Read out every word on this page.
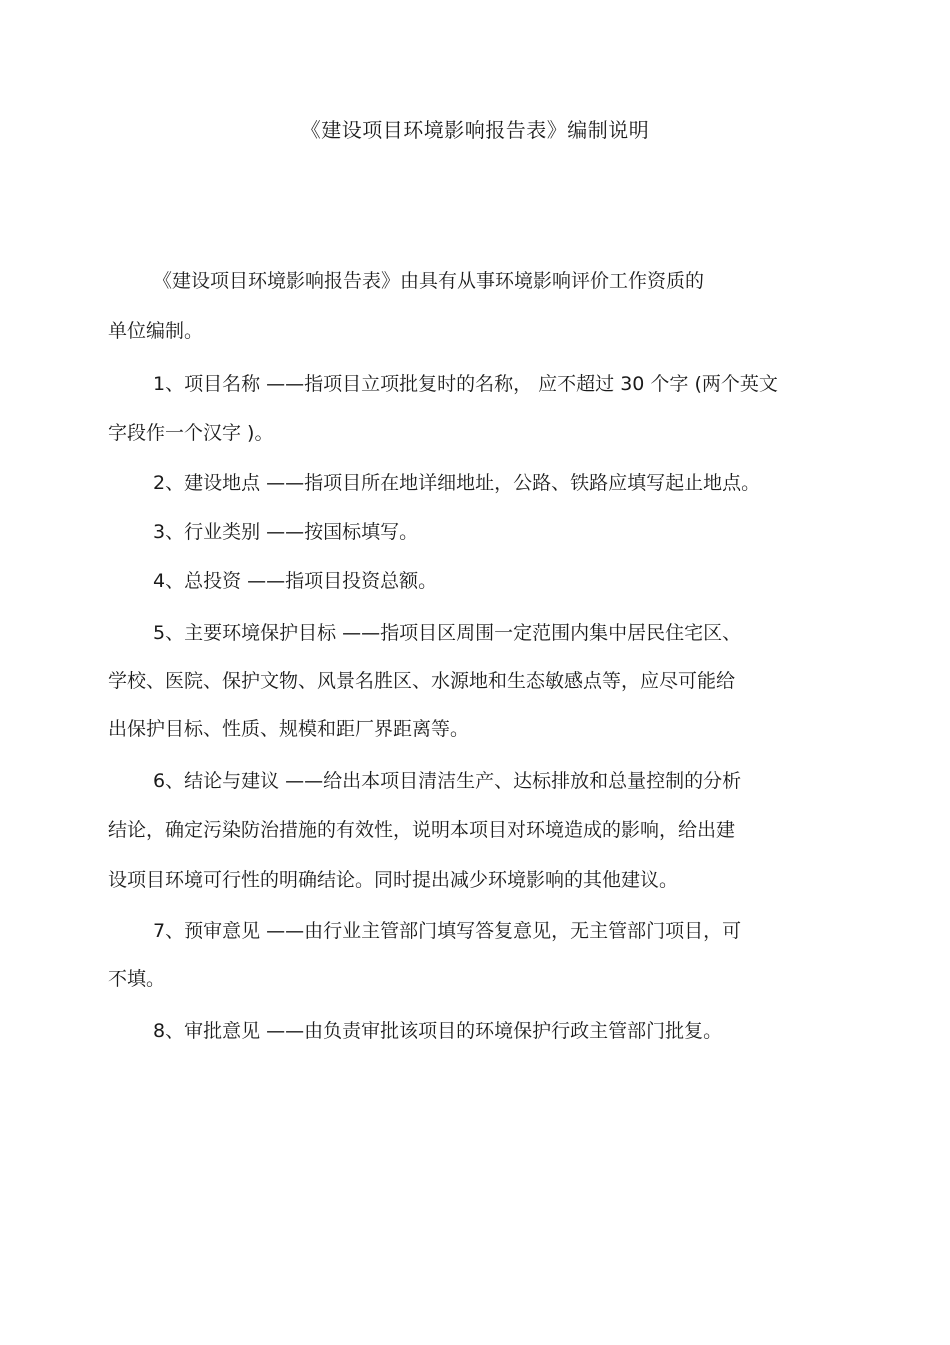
《建设项目环境影响报告表》编制说明
《建设项目环境影响报告表》由具有从事环境影响评价工作资质的
单位编制。
1、项目名称 ——指项目立项批复时的名称， 应不超过 30 个字 (两个英文
字段作一个汉字 )。
2、建设地点 ——指项目所在地详细地址，公路、铁路应填写起止地点。
3、行业类别 ——按国标填写。
4、总投资 ——指项目投资总额。
5、主要环境保护目标 ——指项目区周围一定范围内集中居民住宅区、
学校、医院、保护文物、风景名胜区、水源地和生态敏感点等，应尽可能给
出保护目标、性质、规模和距厂界距离等。
6、结论与建议 ——给出本项目清洁生产、达标排放和总量控制的分析
结论，确定污染防治措施的有效性，说明本项目对环境造成的影响，给出建
设项目环境可行性的明确结论。同时提出减少环境影响的其他建议。
7、预审意见 ——由行业主管部门填写答复意见，无主管部门项目，可
不填。
8、审批意见 ——由负责审批该项目的环境保护行政主管部门批复。
